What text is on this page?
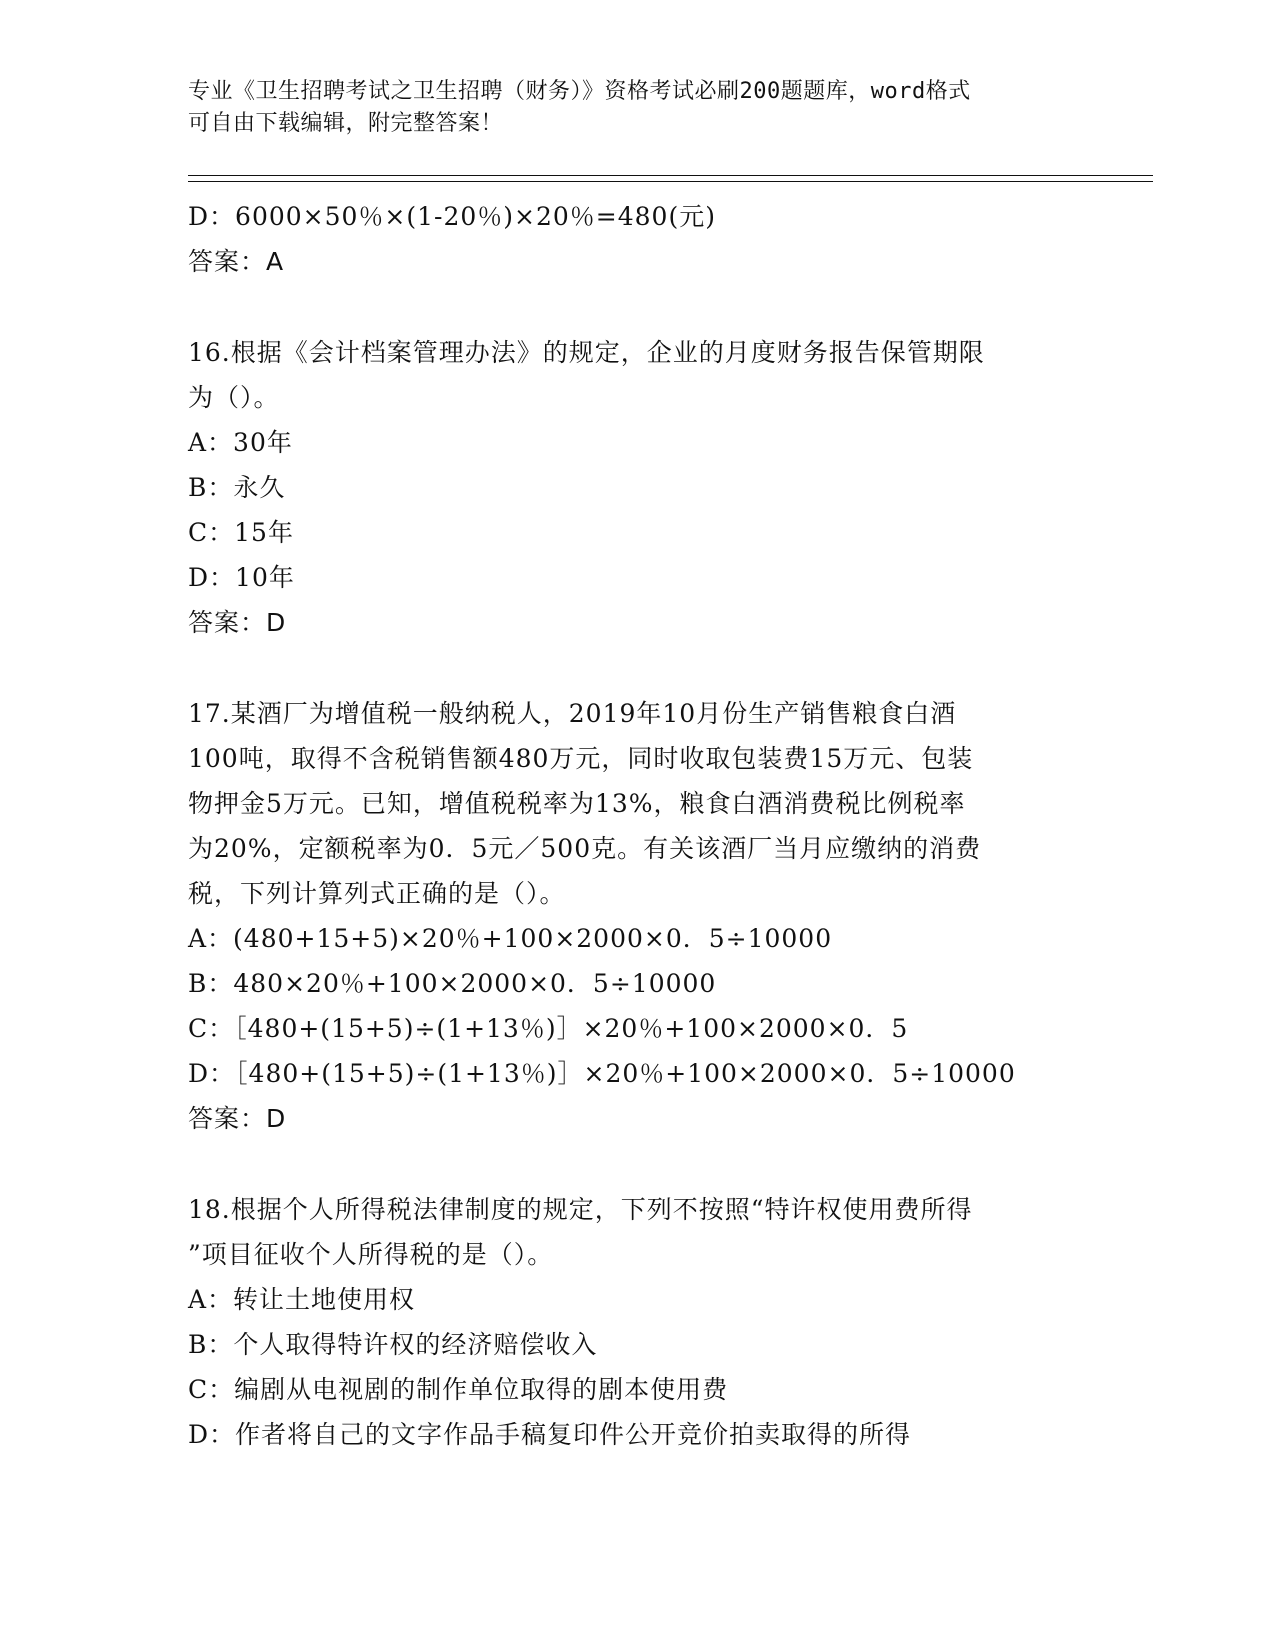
专业《卫生招聘考试之卫生招聘（财务）》资格考试必刷200题题库，word格式
可自由下载编辑，附完整答案！
D：6000×50％×(1-20％)×20％=480(元)
答案：A
16.根据《会计档案管理办法》的规定，企业的月度财务报告保管期限
为（）。
A：30年
B：永久
C：15年
D：10年
答案：D
17.某酒厂为增值税一般纳税人，2019年10月份生产销售粮食白酒
100吨，取得不含税销售额480万元，同时收取包装费15万元、包装
物押金5万元。已知，增值税税率为13%，粮食白酒消费税比例税率
为20%，定额税率为0．5元／500克。有关该酒厂当月应缴纳的消费
税，下列计算列式正确的是（）。
A：(480+15+5)×20％+100×2000×0．5÷10000
B：480×20％+100×2000×0．5÷10000
C：［480+(15+5)÷(1+13％)］×20％+100×2000×0．5
D：［480+(15+5)÷(1+13％)］×20％+100×2000×0．5÷10000
答案：D
18.根据个人所得税法律制度的规定，下列不按照“特许权使用费所得
”项目征收个人所得税的是（）。
A：转让土地使用权
B：个人取得特许权的经济赔偿收入
C：编剧从电视剧的制作单位取得的剧本使用费
D：作者将自己的文字作品手稿复印件公开竞价拍卖取得的所得
